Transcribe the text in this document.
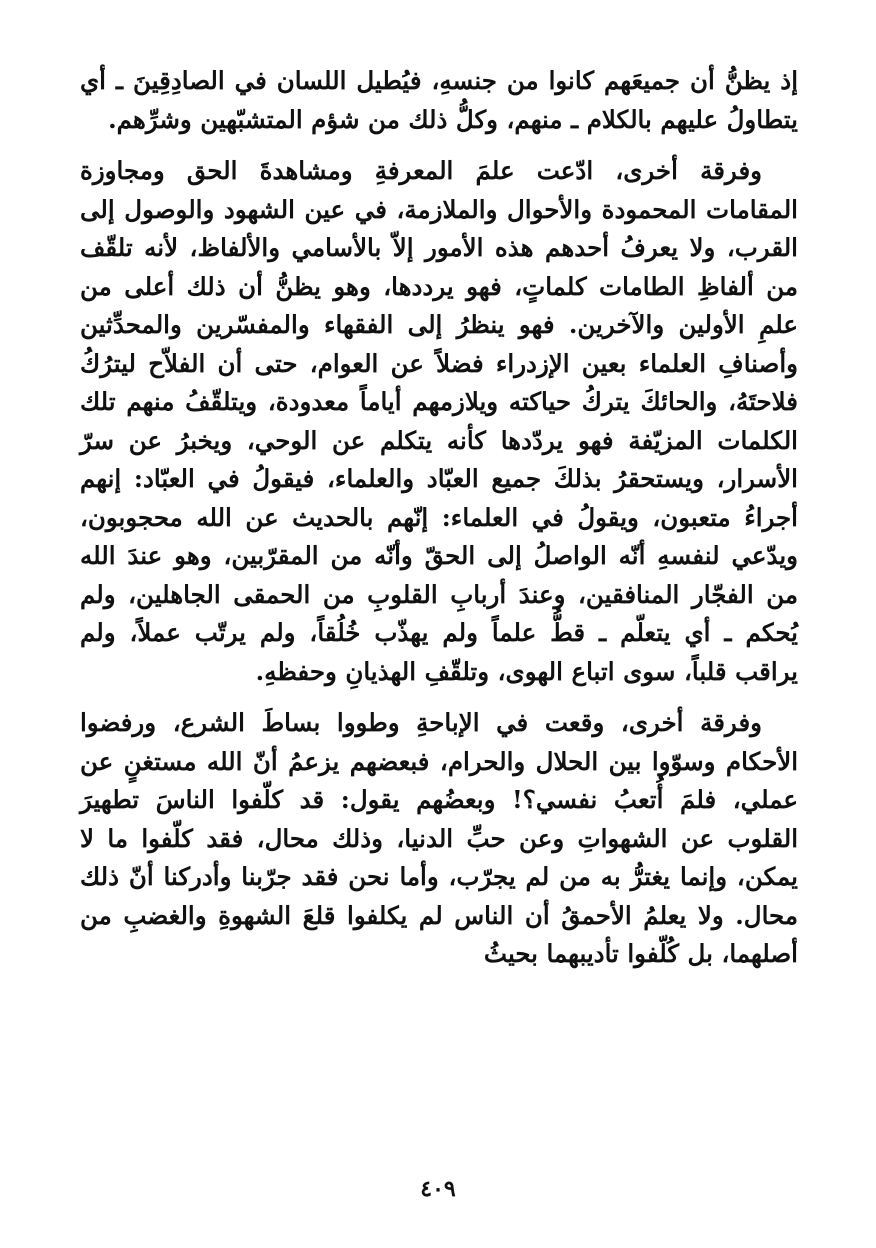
إذ يظنُّ أن جميعَهم كانوا من جنسهِ، فيُطيل اللسان في الصادِقِينَ ـ أي يتطاولُ عليهم بالكلام ـ منهم، وكلُّ ذلك من شؤم المتشبّهين وشرِّهم.

وفرقة أخرى، ادّعت علمَ المعرفةِ ومشاهدةَ الحق ومجاوزة المقامات المحمودة والأحوال والملازمة، في عين الشهود والوصول إلى القرب، ولا يعرفُ أحدهم هذه الأمور إلاّ بالأسامي والألفاظ، لأنه تلقّف من ألفاظِ الطامات كلماتٍ، فهو يرددها، وهو يظنُّ أن ذلك أعلى من علمِ الأولين والآخرين. فهو ينظرُ إلى الفقهاء والمفسّرين والمحدِّثين وأصنافِ العلماء بعين الإزدراء فضلاً عن العوام، حتى أن الفلاّح ليترُكُ فلاحتَهُ، والحائكَ يتركُ حياكته ويلازمهم أياماً معدودة، ويتلقّفُ منهم تلك الكلمات المزيّفة فهو يردّدها كأنه يتكلم عن الوحي، ويخبرُ عن سرّ الأسرار، ويستحقرُ بذلكَ جميع العبّاد والعلماء، فيقولُ في العبّاد: إنهم أجراءُ متعبون، ويقولُ في العلماء: إنّهم بالحديث عن الله محجوبون، ويدّعي لنفسهِ أنّه الواصلُ إلى الحقّ وأنّه من المقرّبين، وهو عندَ الله من الفجّار المنافقين، وعندَ أربابِ القلوبِ من الحمقى الجاهلين، ولم يُحكم ـ أي يتعلّم ـ قطُّ علماً ولم يهذّب خُلُقاً، ولم يرتّب عملاً، ولم يراقب قلباً، سوى اتباع الهوى، وتلقّفِ الهذيانِ وحفظهِ.

وفرقة أخرى، وقعت في الإباحةِ وطووا بساطَ الشرع، ورفضوا الأحكام وسوّوا بين الحلال والحرام، فبعضهم يزعمُ أنّ الله مستغنٍ عن عملي، فلمَ أُتعبُ نفسي؟! وبعضُهم يقول: قد كلّفوا الناسَ تطهيرَ القلوب عن الشهواتِ وعن حبِّ الدنيا، وذلك محال، فقد كلّفوا ما لا يمكن، وإنما يغترُّ به من لم يجرّب، وأما نحن فقد جرّبنا وأدركنا أنّ ذلك محال. ولا يعلمُ الأحمقُ أن الناس لم يكلفوا قلعَ الشهوةِ والغضبِ من أصلهما، بل كُلّفوا تأديبهما بحيثُ

٤٠٩
